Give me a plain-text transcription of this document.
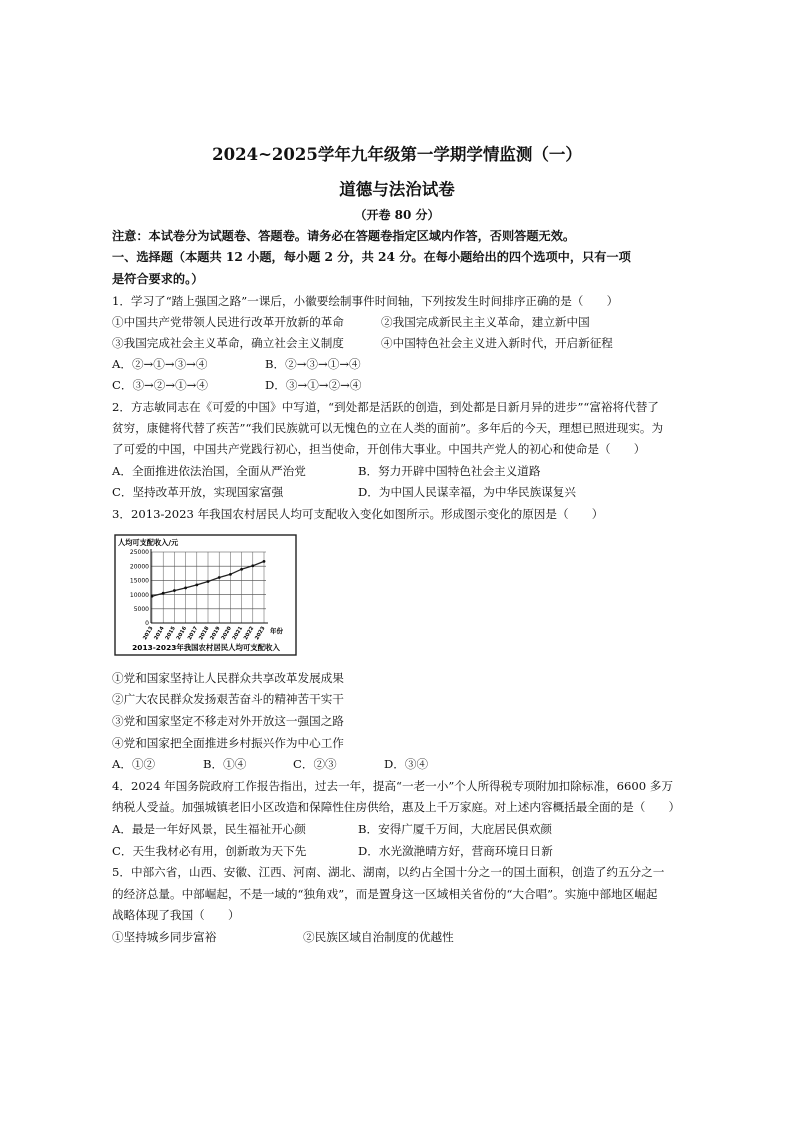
2024~2025学年九年级第一学期学情监测（一）
道德与法治试卷
（开卷 80 分）
注意：本试卷分为试题卷、答题卷。请务必在答题卷指定区域内作答，否则答题无效。
一、选择题（本题共 12 小题，每小题 2 分，共 24 分。在每小题给出的四个选项中，只有一项
是符合要求的。）
1．学习了“踏上强国之路”一课后，小徽要绘制事件时间轴，下列按发生时间排序正确的是（　　）
①中国共产党带领人民进行改革开放新的革命	②我国完成新民主主义革命，建立新中国
③我国完成社会主义革命，确立社会主义制度	④中国特色社会主义进入新时代，开启新征程
A．②→①→③→④	B．②→③→①→④
C．③→②→①→④	D．③→①→②→④
2．方志敏同志在《可爱的中国》中写道，“到处都是活跃的创造，到处都是日新月异的进步”“富裕将代替了
贫穷，康健将代替了疾苦”“我们民族就可以无愧色的立在人类的面前”。多年后的今天，理想已照进现实。为
了可爱的中国，中国共产党践行初心，担当使命，开创伟大事业。中国共产党人的初心和使命是（　　）
A．全面推进依法治国，全面从严治党	B．努力开辟中国特色社会主义道路
C．坚持改革开放，实现国家富强	D．为中国人民谋幸福，为中华民族谋复兴
3．2013-2023 年我国农村居民人均可支配收入变化如图所示。形成图示变化的原因是（　　）
人均可支配收入/元
0
5000
10000
15000
20000
25000
2013
2014
2015
2016
2017
2018
2019
2020
2021
2022
2023 年份
2013-2023年我国农村居民人均可支配收入
①党和国家坚持让人民群众共享改革发展成果
②广大农民群众发扬艰苦奋斗的精神苦干实干
③党和国家坚定不移走对外开放这一强国之路
④党和国家把全面推进乡村振兴作为中心工作
A．①②	B．①④	C．②③	D．③④
4．2024 年国务院政府工作报告指出，过去一年，提高“一老一小”个人所得税专项附加扣除标准，6600 多万
纳税人受益。加强城镇老旧小区改造和保障性住房供给，惠及上千万家庭。对上述内容概括最全面的是（　　）
A．最是一年好风景，民生福祉开心颜	B．安得广厦千万间，大庇居民俱欢颜
C．天生我材必有用，创新敢为天下先	D．水光潋滟晴方好，营商环境日日新
5．中部六省，山西、安徽、江西、河南、湖北、湖南，以约占全国十分之一的国土面积，创造了约五分之一
的经济总量。中部崛起，不是一域的“独角戏”，而是置身这一区域相关省份的“大合唱”。实施中部地区崛起
战略体现了我国（　　）
①坚持城乡同步富裕	②民族区域自治制度的优越性
